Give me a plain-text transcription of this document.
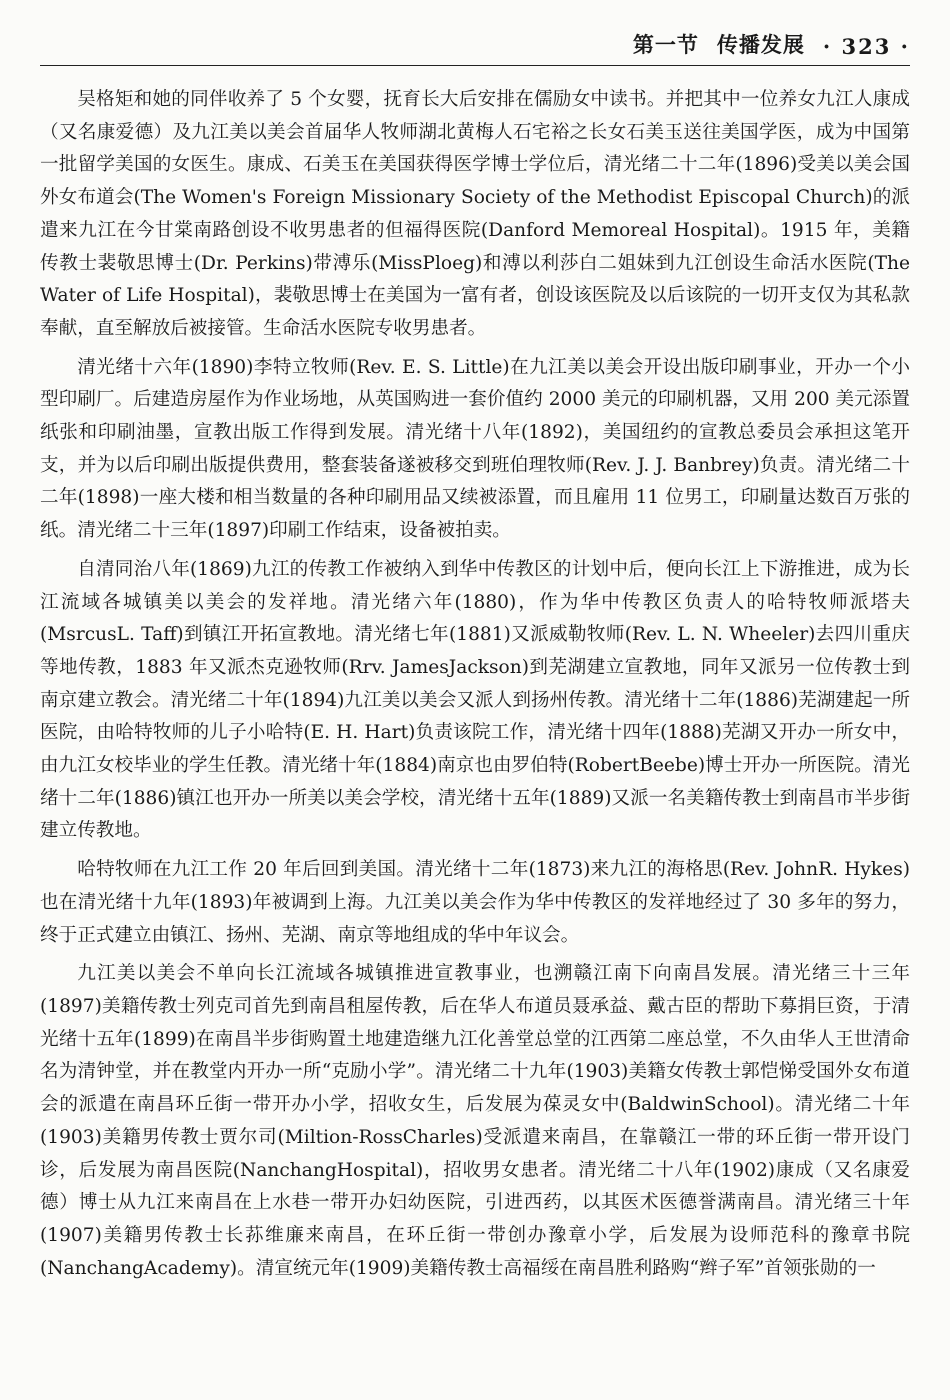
第一节 传播发展 · 323 ·

吴格矩和她的同伴收养了 5 个女婴，抚育长大后安排在儒励女中读书。并把其中一位养女九江人康成（又名康爱德）及九江美以美会首届华人牧师湖北黄梅人石宅裕之长女石美玉送往美国学医，成为中国第一批留学美国的女医生。康成、石美玉在美国获得医学博士学位后，清光绪二十二年(1896)受美以美会国外女布道会(The Women's Foreign Missionary Society of the Methodist Episcopal Church)的派遣来九江在今甘棠南路创设不收男患者的但福得医院(Danford Memoreal Hospital)。1915 年，美籍传教士裴敬思博士(Dr. Perkins)带溥乐(MissPloeg)和溥以利莎白二姐妹到九江创设生命活水医院(The Water of Life Hospital)，裴敬思博士在美国为一富有者，创设该医院及以后该院的一切开支仅为其私款奉献，直至解放后被接管。生命活水医院专收男患者。

清光绪十六年(1890)李特立牧师(Rev. E. S. Little)在九江美以美会开设出版印刷事业，开办一个小型印刷厂。后建造房屋作为作业场地，从英国购进一套价值约 2000 美元的印刷机器，又用 200 美元添置纸张和印刷油墨，宣教出版工作得到发展。清光绪十八年(1892)，美国纽约的宣教总委员会承担这笔开支，并为以后印刷出版提供费用，整套装备遂被移交到班伯理牧师(Rev. J. J. Banbrey)负责。清光绪二十二年(1898)一座大楼和相当数量的各种印刷用品又续被添置，而且雇用 11 位男工，印刷量达数百万张的纸。清光绪二十三年(1897)印刷工作结束，设备被拍卖。

自清同治八年(1869)九江的传教工作被纳入到华中传教区的计划中后，便向长江上下游推进，成为长江流域各城镇美以美会的发祥地。清光绪六年(1880)，作为华中传教区负责人的哈特牧师派塔夫(MsrcusL. Taff)到镇江开拓宣教地。清光绪七年(1881)又派威勒牧师(Rev. L. N. Wheeler)去四川重庆等地传教，1883 年又派杰克逊牧师(Rrv. JamesJackson)到芜湖建立宣教地，同年又派另一位传教士到南京建立教会。清光绪二十年(1894)九江美以美会又派人到扬州传教。清光绪十二年(1886)芜湖建起一所医院，由哈特牧师的儿子小哈特(E. H. Hart)负责该院工作，清光绪十四年(1888)芜湖又开办一所女中，由九江女校毕业的学生任教。清光绪十年(1884)南京也由罗伯特(RobertBeebe)博士开办一所医院。清光绪十二年(1886)镇江也开办一所美以美会学校，清光绪十五年(1889)又派一名美籍传教士到南昌市半步街建立传教地。

哈特牧师在九江工作 20 年后回到美国。清光绪十二年(1873)来九江的海格思(Rev. JohnR. Hykes)也在清光绪十九年(1893)年被调到上海。九江美以美会作为华中传教区的发祥地经过了 30 多年的努力，终于正式建立由镇江、扬州、芜湖、南京等地组成的华中年议会。

九江美以美会不单向长江流域各城镇推进宣教事业，也溯赣江南下向南昌发展。清光绪三十三年(1897)美籍传教士列克司首先到南昌租屋传教，后在华人布道员聂承益、戴古臣的帮助下募捐巨资，于清光绪十五年(1899)在南昌半步街购置土地建造继九江化善堂总堂的江西第二座总堂，不久由华人王世清命名为清钟堂，并在教堂内开办一所“克励小学”。清光绪二十九年(1903)美籍女传教士郭恺悌受国外女布道会的派遣在南昌环丘街一带开办小学，招收女生，后发展为葆灵女中(BaldwinSchool)。清光绪二十年(1903)美籍男传教士贾尔司(Miltion-RossCharles)受派遣来南昌，在靠赣江一带的环丘街一带开设门诊，后发展为南昌医院(NanchangHospital)，招收男女患者。清光绪二十八年(1902)康成（又名康爱德）博士从九江来南昌在上水巷一带开办妇幼医院，引进西药，以其医术医德誉满南昌。清光绪三十年(1907)美籍男传教士长荪维廉来南昌，在环丘街一带创办豫章小学，后发展为设师范科的豫章书院(NanchangAcademy)。清宣统元年(1909)美籍传教士高福绥在南昌胜利路购“辫子军”首领张勋的一
